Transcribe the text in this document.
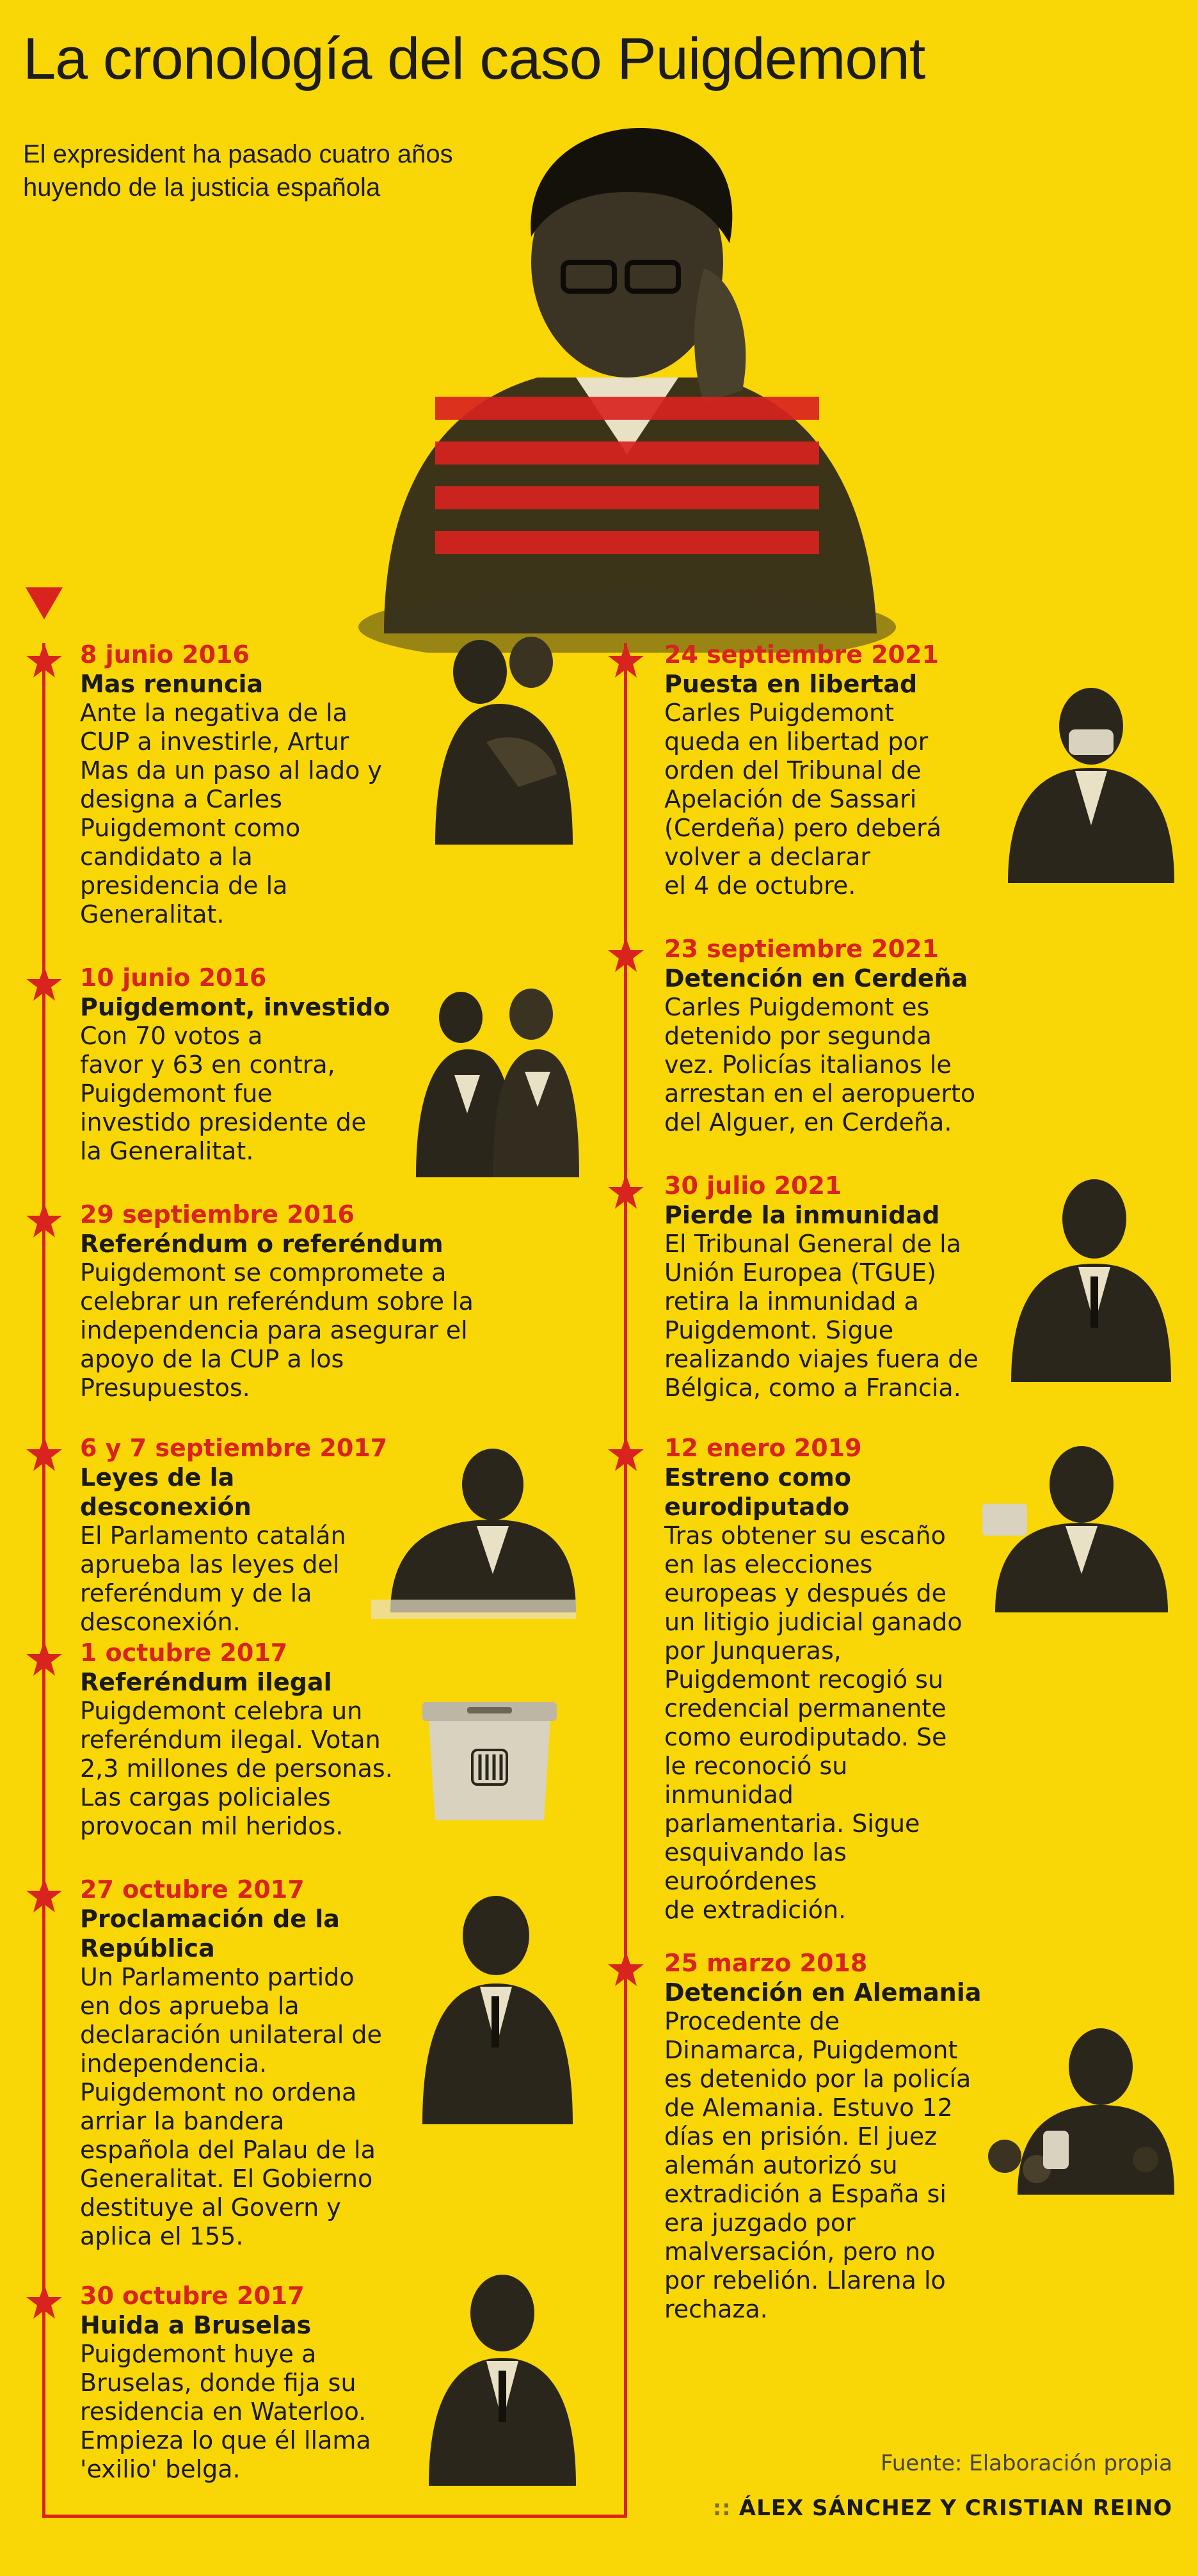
La cronología del caso Puigdemont

El expresident ha pasado cuatro años huyendo de la justicia española

8 junio 2016

Mas renuncia

Ante la negativa de la
CUP a investirle, Artur
Mas da un paso al lado y
designa a Carles
Puigdemont como
candidato a la
presidencia de la
Generalitat.

10 junio 2016

Puigdemont, investido

Con 70 votos a
favor y 63 en contra,
Puigdemont fue
investido presidente de
la Generalitat.

29 septiembre 2016

Referéndum o referéndum

Puigdemont se compromete a
celebrar un referéndum sobre la
independencia para asegurar el
apoyo de la CUP a los
Presupuestos.

6 y 7 septiembre 2017

Leyes de la desconexión

El Parlamento catalán
aprueba las leyes del
referéndum y de la
desconexión.

1 octubre 2017

Referéndum ilegal

Puigdemont celebra un
referéndum ilegal. Votan
2,3 millones de personas.
Las cargas policiales
provocan mil heridos.

27 octubre 2017

Proclamación de la República

Un Parlamento partido
en dos aprueba la
declaración unilateral de
independencia.
Puigdemont no ordena
arriar la bandera
española del Palau de la
Generalitat. El Gobierno
destituye al Govern y
aplica el 155.

30 octubre 2017

Huida a Bruselas

Puigdemont huye a
Bruselas, donde fija su
residencia en Waterloo.
Empieza lo que él llama
'exilio' belga.

24 septiembre 2021

Puesta en libertad

Carles Puigdemont
queda en libertad por
orden del Tribunal de
Apelación de Sassari
(Cerdeña) pero deberá
volver a declarar
el 4 de octubre.

23 septiembre 2021

Detención en Cerdeña

Carles Puigdemont es
detenido por segunda
vez. Policías italianos le
arrestan en el aeropuerto
del Alguer, en Cerdeña.

30 julio 2021

Pierde la inmunidad

El Tribunal General de la
Unión Europea (TGUE)
retira la inmunidad a
Puigdemont. Sigue
realizando viajes fuera de
Bélgica, como a Francia.

12 enero 2019

Estreno como
eurodiputado

Tras obtener su escaño
en las elecciones
europeas y después de
un litigio judicial ganado
por Junqueras,
Puigdemont recogió su
credencial permanente
como eurodiputado. Se
le reconoció su
inmunidad
parlamentaria. Sigue
esquivando las
euroórdenes
de extradición.

25 marzo 2018

Detención en Alemania

Procedente de
Dinamarca, Puigdemont
es detenido por la policía
de Alemania. Estuvo 12
días en prisión. El juez
alemán autorizó su
extradición a España si
era juzgado por
malversación, pero no
por rebelión. Llarena lo
rechaza.

Fuente: Elaboración propia
:: ÁLEX SÁNCHEZ Y CRISTIAN REINO
